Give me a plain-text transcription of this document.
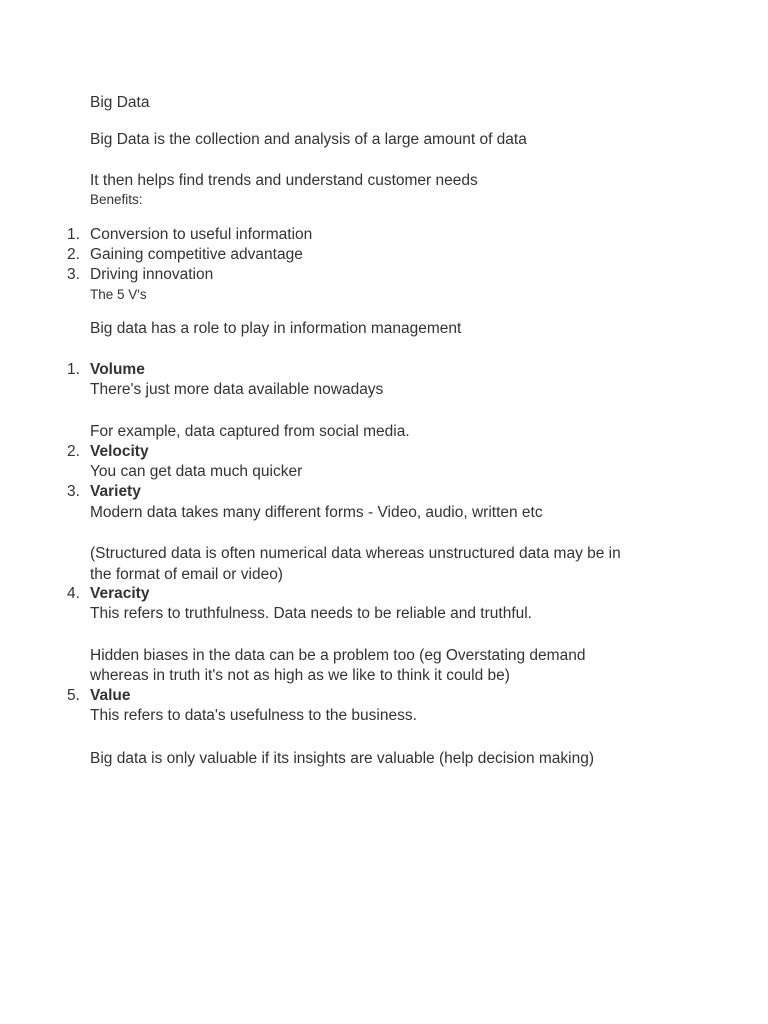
Big Data
Big Data is the collection and analysis of a large amount of data
It then helps find trends and understand customer needs
Benefits:
1. Conversion to useful information
2. Gaining competitive advantage
3. Driving innovation
The 5 V's
Big data has a role to play in information management
1. Volume
There's just more data available nowadays
For example, data captured from social media.
2. Velocity
You can get data much quicker
3. Variety
Modern data takes many different forms - Video, audio, written etc
(Structured data is often numerical data whereas unstructured data may be in
the format of email or video)
4. Veracity
This refers to truthfulness. Data needs to be reliable and truthful.
Hidden biases in the data can be a problem too (eg Overstating demand
whereas in truth it's not as high as we like to think it could be)
5. Value
This refers to data's usefulness to the business.
Big data is only valuable if its insights are valuable (help decision making)
